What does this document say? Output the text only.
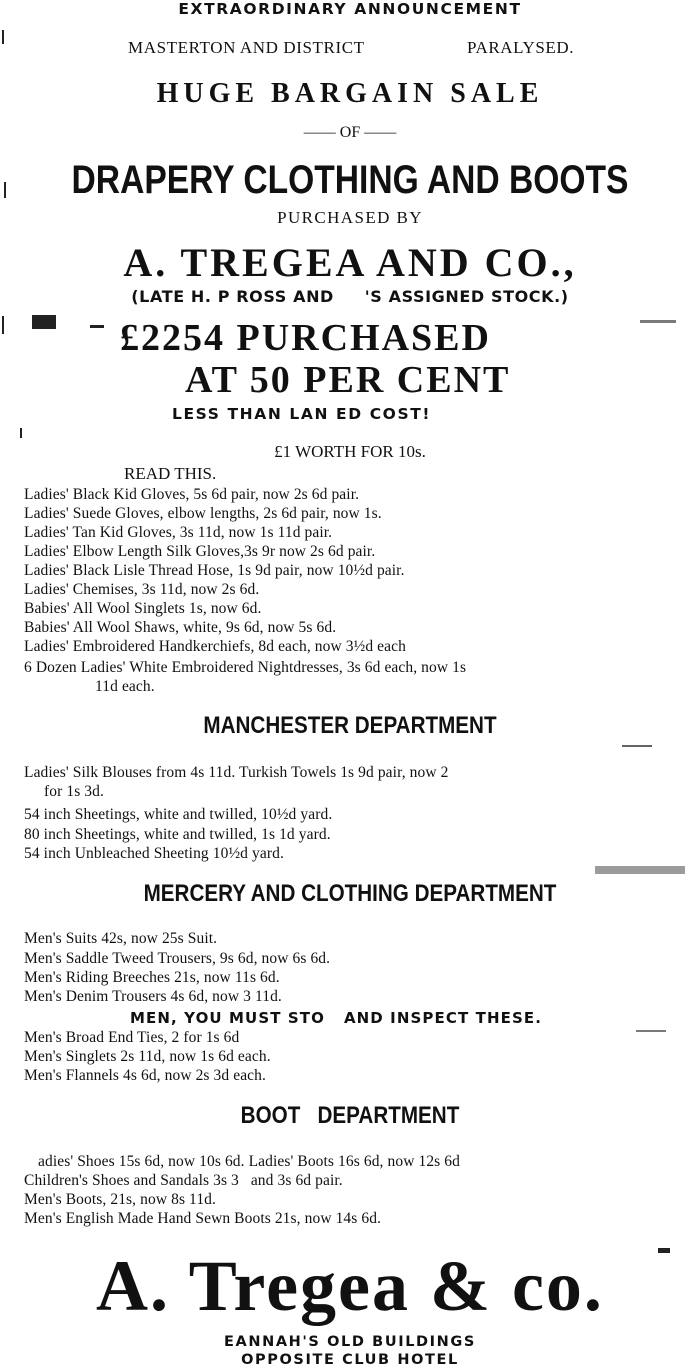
EXTRAORDINARY ANNOUNCEMENT
MASTERTON AND DISTRICT	PARALYSED.
HUGE BARGAIN SALE
—— OF ——
DRAPERY CLOTHING AND BOOTS
PURCHASED BY
A. TREGEA AND CO.,
(LATE H. P ROSS AND     'S ASSIGNED STOCK.)
£2254 PURCHASED
AT 50 PER CENT
LESS THAN LAN ED COST!
£1 WORTH FOR 10s.
READ THIS.
Ladies' Black Kid Gloves, 5s 6d pair, now 2s 6d pair.
Ladies' Suede Gloves, elbow lengths, 2s 6d pair, now 1s.
Ladies' Tan Kid Gloves, 3s 11d, now 1s 11d pair.
Ladies' Elbow Length Silk Gloves,3s 9r now 2s 6d pair.
Ladies' Black Lisle Thread Hose, 1s 9d pair, now 10½d pair.
Ladies' Chemises, 3s 11d, now 2s 6d.
Babies' All Wool Singlets 1s, now 6d.
Babies' All Wool Shaws, white, 9s 6d, now 5s 6d.
Ladies' Embroidered Handkerchiefs, 8d each, now 3½d each
6 Dozen Ladies' White Embroidered Nightdresses, 3s 6d each, now 1s
11d each.
MANCHESTER DEPARTMENT
Ladies' Silk Blouses from 4s 11d. Turkish Towels 1s 9d pair, now 2
for 1s 3d.
54 inch Sheetings, white and twilled, 10½d yard.
80 inch Sheetings, white and twilled, 1s 1d yard.
54 inch Unbleached Sheeting 10½d yard.
MERCERY AND CLOTHING DEPARTMENT
Men's Suits 42s, now 25s Suit.
Men's Saddle Tweed Trousers, 9s 6d, now 6s 6d.
Men's Riding Breeches 21s, now 11s 6d.
Men's Denim Trousers 4s 6d, now 3 11d.
MEN, YOU MUST STO   AND INSPECT THESE.
Men's Broad End Ties, 2 for 1s 6d
Men's Singlets 2s 11d, now 1s 6d each.
Men's Flannels 4s 6d, now 2s 3d each.
BOOT   DEPARTMENT
adies' Shoes 15s 6d, now 10s 6d. Ladies' Boots 16s 6d, now 12s 6d
Children's Shoes and Sandals 3s 3   and 3s 6d pair.
Men's Boots, 21s, now 8s 11d.
Men's English Made Hand Sewn Boots 21s, now 14s 6d.
A. Tregea & co.
EANNAH'S OLD BUILDINGS
OPPOSITE CLUB HOTEL
